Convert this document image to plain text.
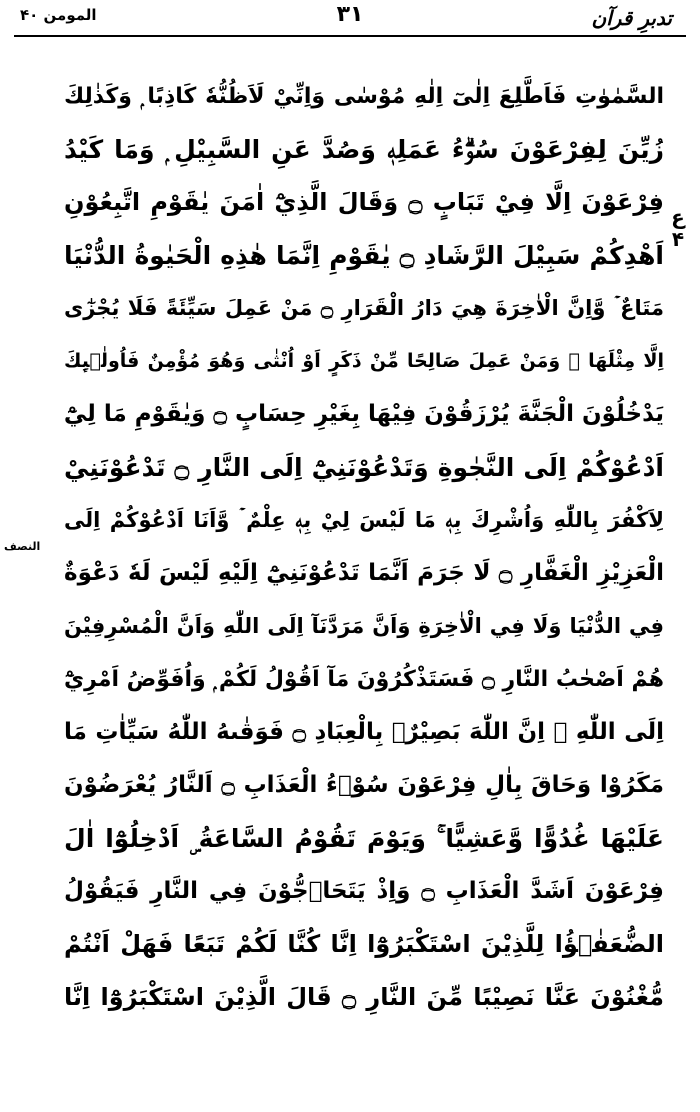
المومن ۴۰	۳۱	تدبرِ قرآن
ع ۴
النصف
السَّمٰوٰتِ فَاَطَّلِعَ اِلٰىٓ اِلٰهِ مُوْسٰى وَاِنِّيْ لَاَظُنُّهٗ كَاذِبًا ۭ وَكَذٰلِكَ
زُيِّنَ لِفِرْعَوْنَ سُوْۗءُ عَمَلِهٖ وَصُدَّ عَنِ السَّبِيْلِ ۭ وَمَا كَيْدُ
فِرْعَوْنَ اِلَّا فِيْ تَبَابٍ ۝ وَقَالَ الَّذِيْٓ اٰمَنَ يٰقَوْمِ اتَّبِعُوْنِ
اَهْدِكُمْ سَبِيْلَ الرَّشَادِ ۝ يٰقَوْمِ اِنَّمَا هٰذِهِ الْحَيٰوةُ الدُّنْيَا
مَتَاعٌ ۡ وَّاِنَّ الْاٰخِرَةَ هِيَ دَارُ الْقَرَارِ ۝ مَنْ عَمِلَ سَيِّئَةً فَلَا يُجْزٰٓى
اِلَّا مِثْلَهَا ۚ وَمَنْ عَمِلَ صَالِحًا مِّنْ ذَكَرٍ اَوْ اُنْثٰى وَهُوَ مُؤْمِنٌ فَاُولٰۗىِٕكَ
يَدْخُلُوْنَ الْجَنَّةَ يُرْزَقُوْنَ فِيْهَا بِغَيْرِ حِسَابٍ ۝ وَيٰقَوْمِ مَا لِيْٓ
اَدْعُوْكُمْ اِلَى النَّجٰوةِ وَتَدْعُوْنَنِيْٓ اِلَى النَّارِ ۝ تَدْعُوْنَنِيْ
لِاَكْفُرَ بِاللّٰهِ وَاُشْرِكَ بِهٖ مَا لَيْسَ لِيْ بِهٖ عِلْمٌ ۡ وَّاَنَا اَدْعُوْكُمْ اِلَى
الْعَزِيْزِ الْغَفَّارِ ۝ لَا جَرَمَ اَنَّمَا تَدْعُوْنَنِيْٓ اِلَيْهِ لَيْسَ لَهٗ دَعْوَةٌ
فِي الدُّنْيَا وَلَا فِي الْاٰخِرَةِ وَاَنَّ مَرَدَّنَآ اِلَى اللّٰهِ وَاَنَّ الْمُسْرِفِيْنَ
هُمْ اَصْحٰبُ النَّارِ ۝ فَسَتَذْكُرُوْنَ مَآ اَقُوْلُ لَكُمْ ۭ وَاُفَوِّضُ اَمْرِيْٓ
اِلَى اللّٰهِ ۭ اِنَّ اللّٰهَ بَصِيْرٌۢ بِالْعِبَادِ ۝ فَوَقٰىهُ اللّٰهُ سَيِّاٰتِ مَا
مَكَرُوْا وَحَاقَ بِاٰلِ فِرْعَوْنَ سُوْۗءُ الْعَذَابِ ۝ اَلنَّارُ يُعْرَضُوْنَ
عَلَيْهَا غُدُوًّا وَّعَشِيًّا ۚ وَيَوْمَ تَقُوْمُ السَّاعَةُ ۣ اَدْخِلُوْٓا اٰلَ
فِرْعَوْنَ اَشَدَّ الْعَذَابِ ۝ وَاِذْ يَتَحَاۗجُّوْنَ فِي النَّارِ فَيَقُوْلُ
الضُّعَفٰۗؤُا لِلَّذِيْنَ اسْتَكْبَرُوْٓا اِنَّا كُنَّا لَكُمْ تَبَعًا فَهَلْ اَنْتُمْ
مُّغْنُوْنَ عَنَّا نَصِيْبًا مِّنَ النَّارِ ۝ قَالَ الَّذِيْنَ اسْتَكْبَرُوْٓا اِنَّا
